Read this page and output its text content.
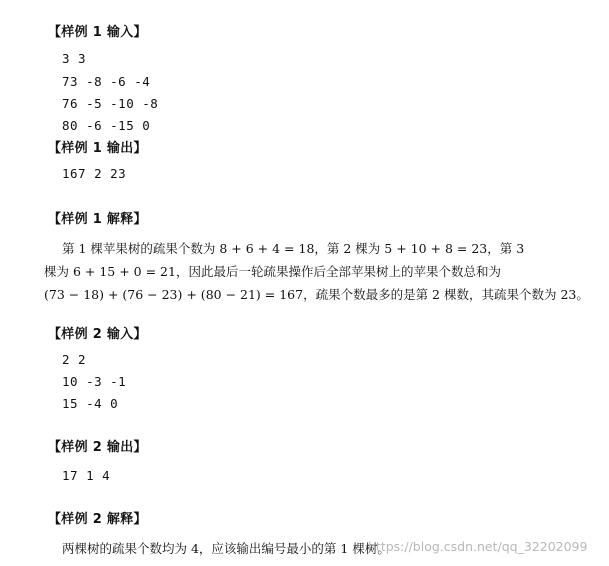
【样例 1 输入】
3 3
73 -8 -6 -4
76 -5 -10 -8
80 -6 -15 0
【样例 1 输出】
167 2 23
【样例 1 解释】
第 1 棵苹果树的疏果个数为 8 + 6 + 4 = 18，第 2 棵为 5 + 10 + 8 = 23，第 3
棵为 6 + 15 + 0 = 21，因此最后一轮疏果操作后全部苹果树上的苹果个数总和为
(73 − 18) + (76 − 23) + (80 − 21) = 167，疏果个数最多的是第 2 棵数，其疏果个数为 23。
【样例 2 输入】
2 2
10 -3 -1
15 -4 0
【样例 2 输出】
17 1 4
【样例 2 解释】
两棵树的疏果个数均为 4，应该输出编号最小的第 1 棵树。
https://blog.csdn.net/qq_32202099
